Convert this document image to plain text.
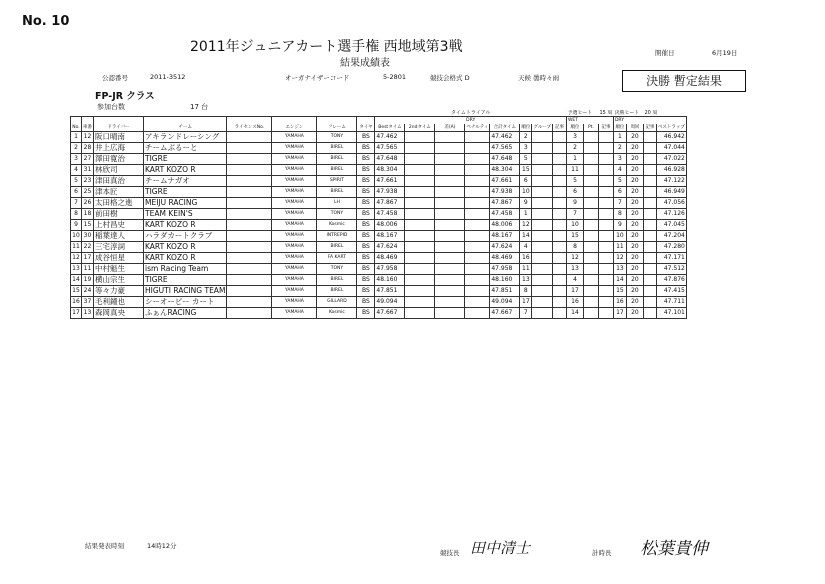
No. 10
2011年ジュニアカート選手権 西地域第3戦
結果成績表
開催日	6月19日
公認番号	2011-3512	オーガナイザーコード	5-2801	競技会格式 D	天候 曇時々雨	決勝 暫定結果
FP-JR クラス
参加台数	17 台
								タイムトライアル								予選ヒート		15 周	決勝ヒート		20 周	
								DRY								WET			DRY			
No.	車番	ドライバー	チーム	ライセンスNo.	エンジン	フレーム	タイヤ	Bestタイム	2ndタイム	差(A)	ペナルティ	合計タイム	順位	グループ	記事	順位	Pt.	記事	順位	周回	記事	ベストラップ
1	12	阪口晴南	アキランドレーシング		YAMAHA	TONY	BS	47.462				47.462	2			3			1	20		46.942
2	28	井上広海	チームぶるーと		YAMAHA	BIREL	BS	47.565				47.565	3			2			2	20		47.044
3	27	澤田寛治	TIGRE		YAMAHA	BIREL	BS	47.648				47.648	5			1			3	20		47.022
4	31	林欣司	KART KOZO R		YAMAHA	BIREL	BS	48.304				48.304	15			11			4	20		46.928
5	23	津田真治	チームナガオ		YAMAHA	SPIRIT	BS	47.661				47.661	6			5			5	20		47.122
6	25	津本匠	TIGRE		YAMAHA	BIREL	BS	47.938				47.938	10			6			6	20		46.949
7	26	太田格之進	MEIJU RACING		YAMAHA	LH	BS	47.867				47.867	9			9			7	20		47.056
8	18	前田樹	TEAM KEIN'S		YAMAHA	TONY	BS	47.458				47.458	1			7			8	20		47.126
9	15	上村昌史	KART KOZO R		YAMAHA	Kosmic	BS	48.006				48.006	12			10			9	20		47.045
10	30	稲葉達人	ハラダカートクラブ		YAMAHA	INTREPID	BS	48.167				48.167	14			15			10	20		47.204
11	22	三宅淳詞	KART KOZO R		YAMAHA	BIREL	BS	47.624				47.624	4			8			11	20		47.280
12	17	成谷恒星	KART KOZO R		YAMAHA	FA KART	BS	48.469				48.469	16			12			12	20		47.171
13	11	中村魁生	ism Racing Team		YAMAHA	TONY	BS	47.958				47.958	11			13			13	20		47.512
14	19	横山宗生	TIGRE		YAMAHA	BIREL	BS	48.160				48.160	13			4			14	20		47.876
15	24	等々力豪	HIGUTI RACING TEAM		YAMAHA	BIREL	BS	47.851				47.851	8			17			15	20		47.415
16	37	毛利鐘也	シーオービー カート		YAMAHA	GILLARD	BS	49.094				49.094	17			16			16	20		47.711
17	13	森岡真央	ふぁんRACING		YAMAHA	Kosmic	BS	47.667				47.667	7			14			17	20		47.101
結果発表時刻	14時12分
競技長 田中清士	計時長 松葉貴伸
